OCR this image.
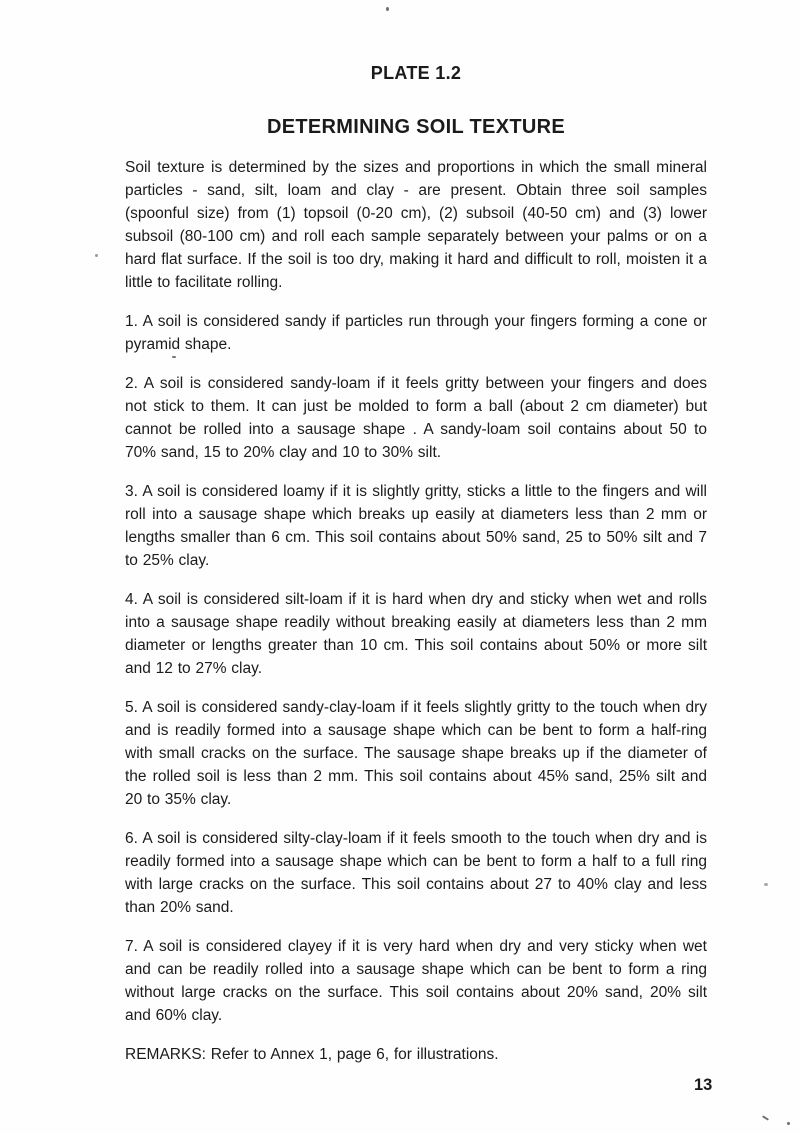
PLATE 1.2
DETERMINING SOIL TEXTURE

Soil texture is determined by the sizes and proportions in which the small mineral particles - sand, silt, loam and clay - are present. Obtain three soil samples (spoonful size) from (1) topsoil (0-20 cm), (2) subsoil (40-50 cm) and (3) lower subsoil (80-100 cm) and roll each sample separately between your palms or on a hard flat surface. If the soil is too dry, making it hard and difficult to roll, moisten it a little to facilitate rolling.

1. A soil is considered sandy if particles run through your fingers forming a cone or pyramid shape.

2. A soil is considered sandy-loam if it feels gritty between your fingers and does not stick to them. It can just be molded to form a ball (about 2 cm diameter) but cannot be rolled into a sausage shape . A sandy-loam soil contains about 50 to 70% sand, 15 to 20% clay and 10 to 30% silt.

3. A soil is considered loamy if it is slightly gritty, sticks a little to the fingers and will roll into a sausage shape which breaks up easily at diameters less than 2 mm or lengths smaller than 6 cm. This soil contains about 50% sand, 25 to 50% silt and 7 to 25% clay.

4. A soil is considered silt-loam if it is hard when dry and sticky when wet and rolls into a sausage shape readily without breaking easily at diameters less than 2 mm diameter or lengths greater than 10 cm. This soil contains about 50% or more silt and 12 to 27% clay.

5. A soil is considered sandy-clay-loam if it feels slightly gritty to the touch when dry and is readily formed into a sausage shape which can be bent to form a half-ring with small cracks on the surface. The sausage shape breaks up if the diameter of the rolled soil is less than 2 mm. This soil contains about 45% sand, 25% silt and 20 to 35% clay.

6. A soil is considered silty-clay-loam if it feels smooth to the touch when dry and is readily formed into a sausage shape which can be bent to form a half to a full ring with large cracks on the surface. This soil contains about 27 to 40% clay and less than 20% sand.

7. A soil is considered clayey if it is very hard when dry and very sticky when wet and can be readily rolled into a sausage shape which can be bent to form a ring without large cracks on the surface. This soil contains about 20% sand, 20% silt and 60% clay.

REMARKS: Refer to Annex 1, page 6, for illustrations.

13
